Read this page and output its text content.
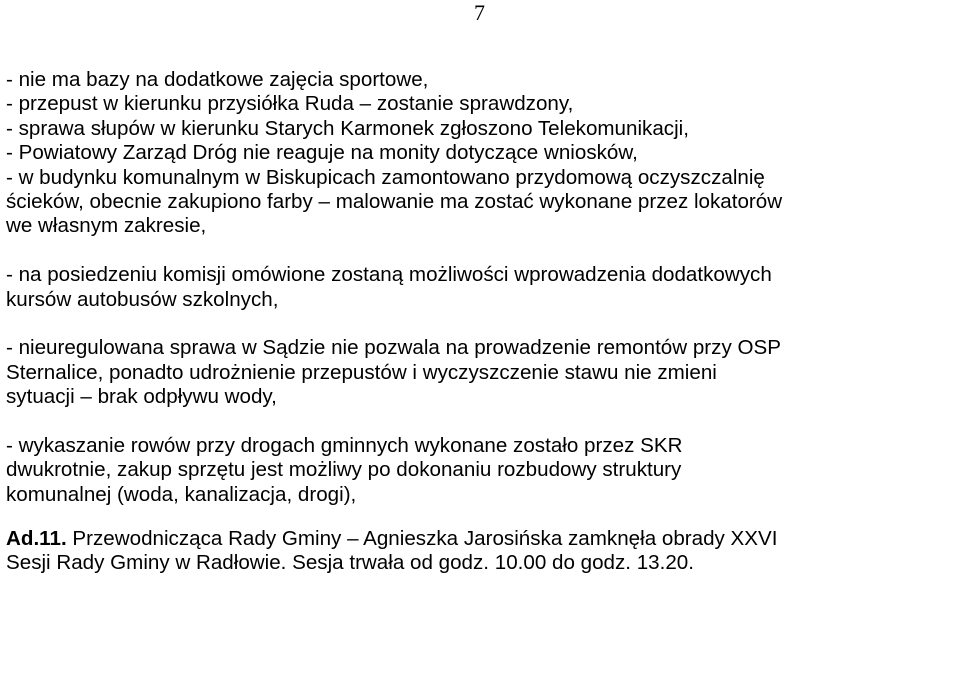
7
- nie ma bazy na dodatkowe zajęcia sportowe,
- przepust w kierunku przysiółka Ruda – zostanie sprawdzony,
- sprawa słupów w kierunku Starych Karmonek zgłoszono Telekomunikacji,
- Powiatowy Zarząd Dróg nie reaguje na monity dotyczące wniosków,
- w budynku komunalnym w Biskupicach zamontowano przydomową oczyszczalnię
ścieków, obecnie zakupiono farby – malowanie ma zostać wykonane przez lokatorów
we własnym zakresie,
- na posiedzeniu komisji omówione zostaną możliwości wprowadzenia dodatkowych
kursów autobusów szkolnych,
- nieuregulowana sprawa w Sądzie nie pozwala na prowadzenie remontów przy OSP
Sternalice, ponadto udrożnienie przepustów i wyczyszczenie stawu nie zmieni
sytuacji – brak odpływu wody,
- wykaszanie rowów przy drogach gminnych wykonane zostało przez SKR
dwukrotnie, zakup sprzętu jest możliwy po dokonaniu rozbudowy struktury
komunalnej (woda, kanalizacja, drogi),
Ad.11. Przewodnicząca Rady Gminy – Agnieszka Jarosińska zamknęła obrady XXVI
Sesji Rady Gminy w Radłowie. Sesja trwała od godz. 10.00 do godz. 13.20.
